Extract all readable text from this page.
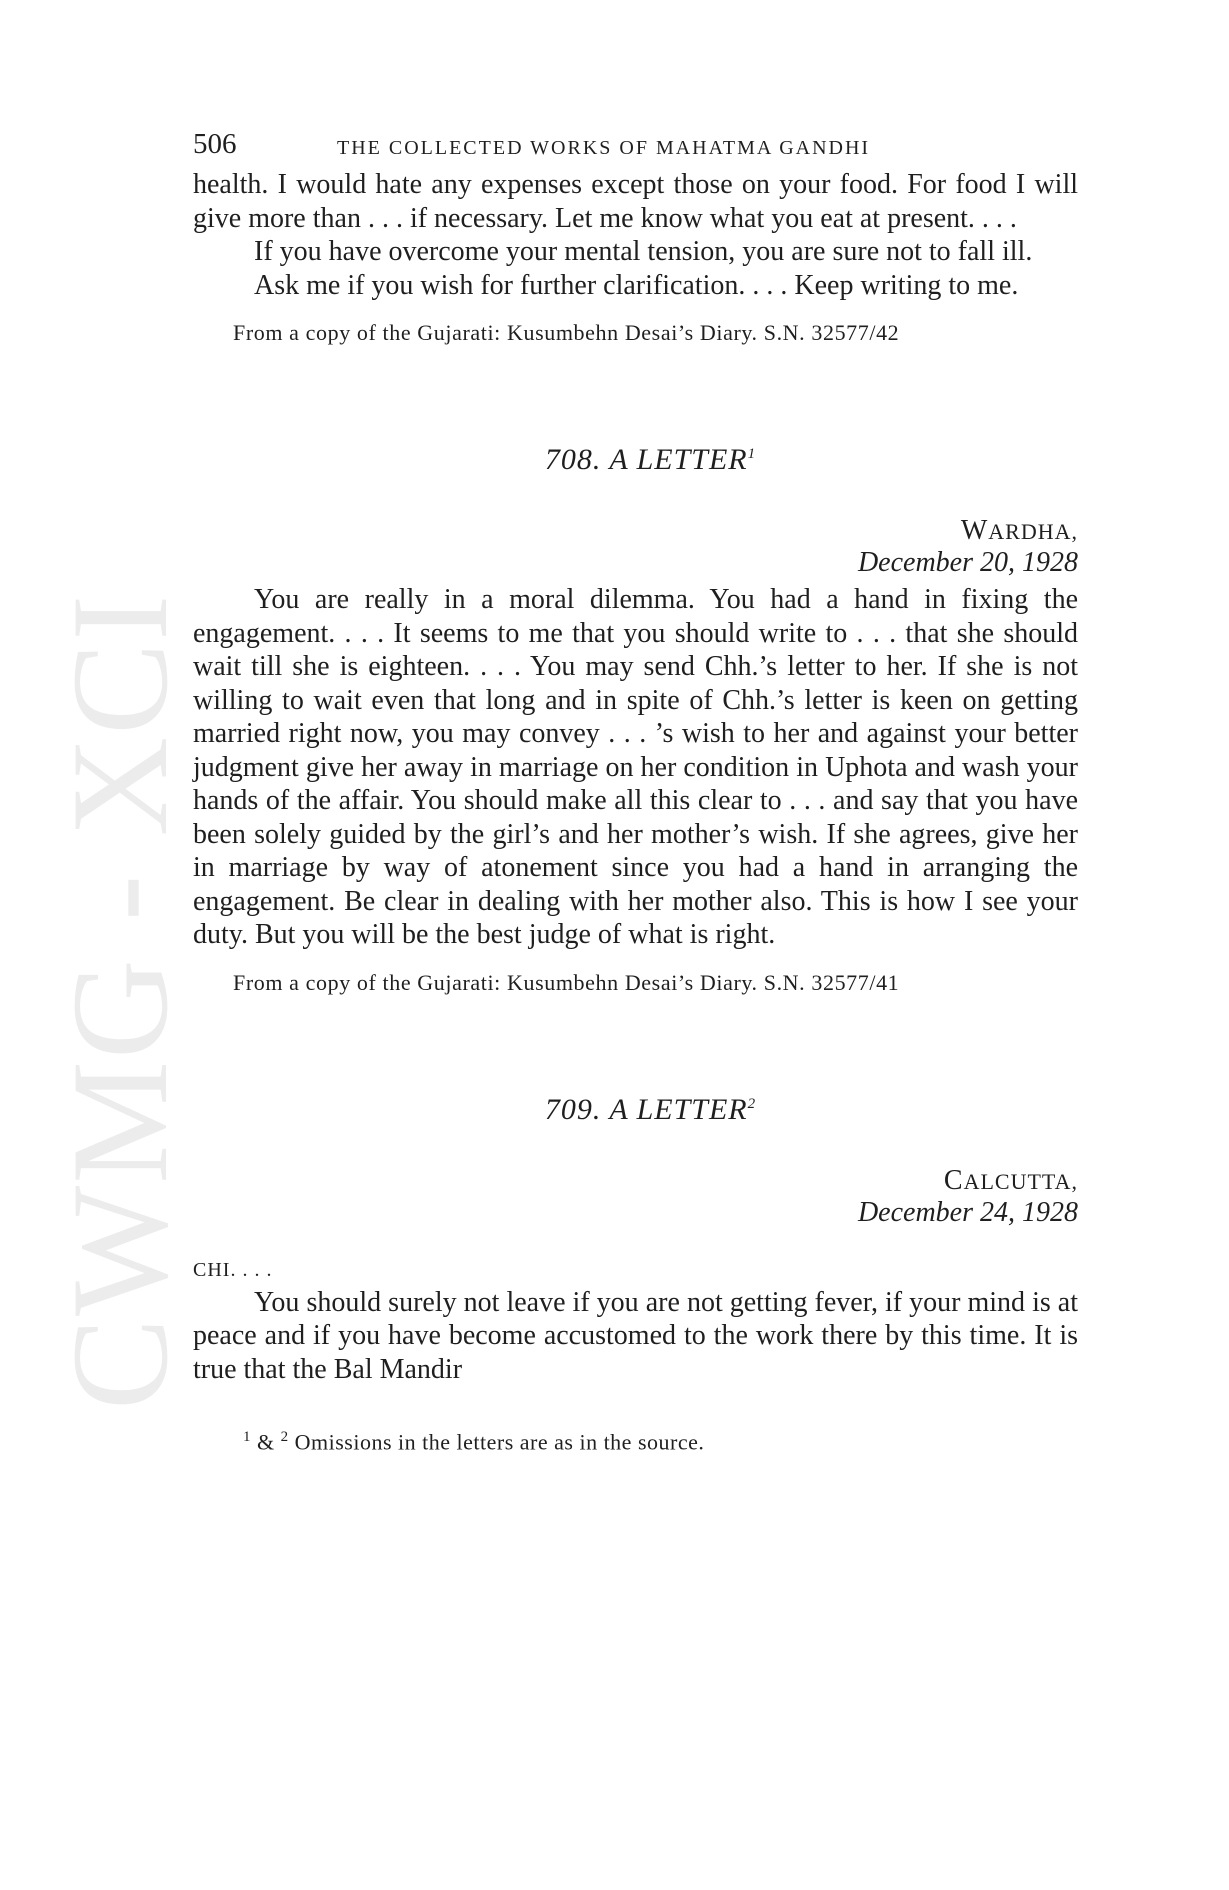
CWMG - XCI
506	THE COLLECTED WORKS OF MAHATMA GANDHI

health. I would hate any expenses except those on your food. For food I will give more than . . . if necessary. Let me know what you eat at present. . . .

If you have overcome your mental tension, you are sure not to fall ill.

Ask me if you wish for further clarification. . . . Keep writing to me.

From a copy of the Gujarati: Kusumbehn Desai’s Diary. S.N. 32577/42
708. A LETTER$^1$
WARDHA,
December 20, 1928

You are really in a moral dilemma. You had a hand in fixing the engagement. . . . It seems to me that you should write to . . . that she should wait till she is eighteen. . . . You may send Chh.’s letter to her. If she is not willing to wait even that long and in spite of Chh.’s letter is keen on getting married right now, you may convey . . . ’s wish to her and against your better judgment give her away in marriage on her condition in Uphota and wash your hands of the affair. You should make all this clear to . . . and say that you have been solely guided by the girl’s and her mother’s wish. If she agrees, give her in marriage by way of atonement since you had a hand in arranging the engagement. Be clear in dealing with her mother also. This is how I see your duty. But you will be the best judge of what is right.

From a copy of the Gujarati: Kusumbehn Desai’s Diary. S.N. 32577/41
709. A LETTER$^2$
CALCUTTA,
December 24, 1928
CHI. . . .

You should surely not leave if you are not getting fever, if your mind is at peace and if you have become accustomed to the work there by this time. It is true that the Bal Mandir

$^1$ & $^2$ Omissions in the letters are as in the source.
